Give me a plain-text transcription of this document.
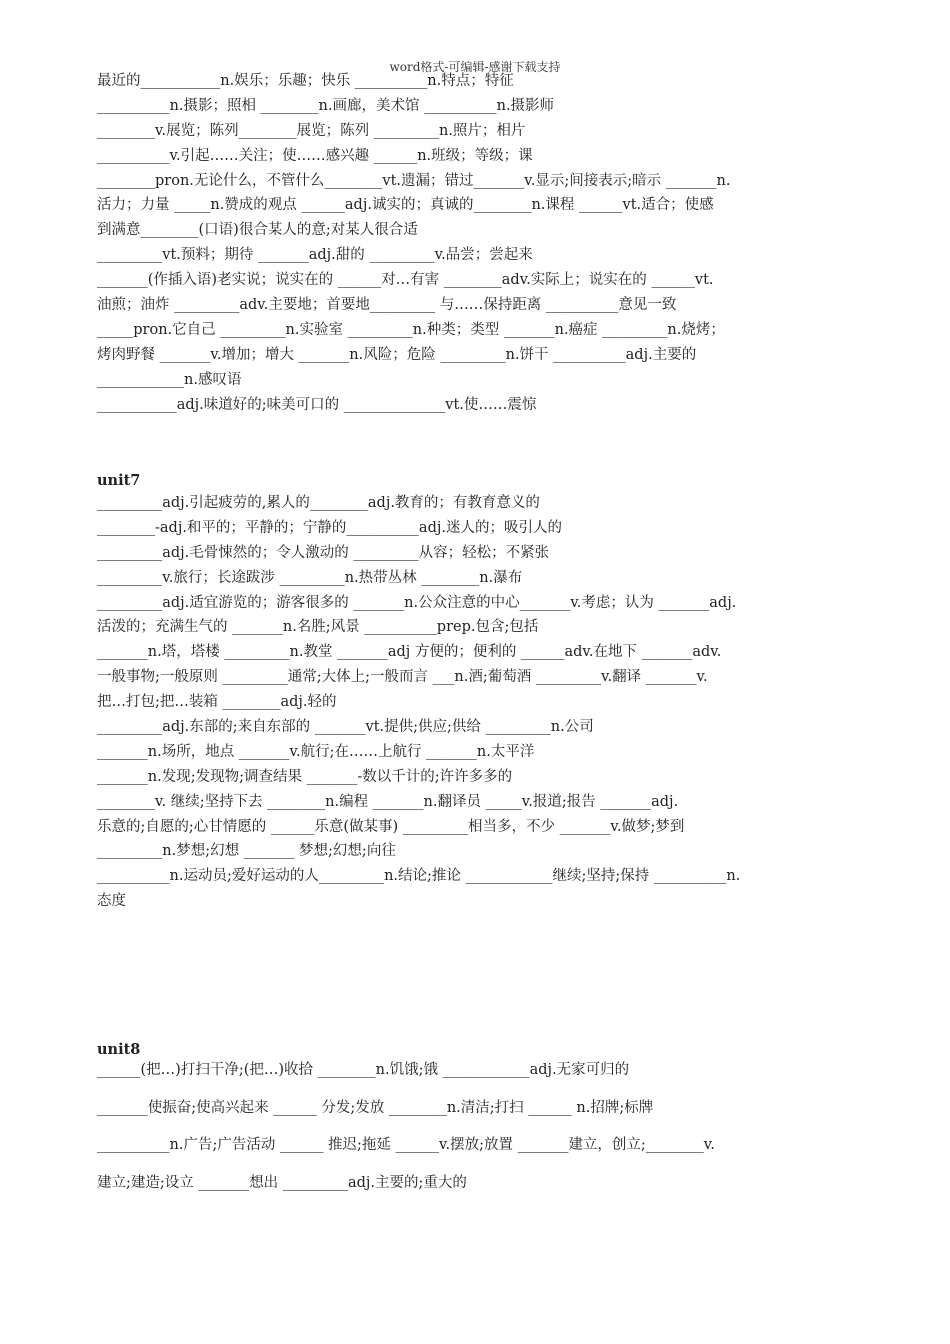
word格式-可编辑-感谢下载支持
最近的___________n.娱乐；乐趣；快乐 __________n.特点；特征
__________n.摄影；照相 ________n.画廊，美术馆 __________n.摄影师
________v.展览；陈列________展览；陈列 _________n.照片；相片
__________v.引起……关注；使……感兴趣 ______n.班级；等级；课
________pron.无论什么，不管什么________vt.遗漏；错过_______v.显示;间接表示;暗示 _______n.
活力；力量 _____n.赞成的观点 ______adj.诚实的；真诚的________n.课程 ______vt.适合；使感
到满意________(口语)很合某人的意;对某人很合适
_________vt.预料；期待 _______adj.甜的 _________v.品尝；尝起来
_______(作插入语)老实说；说实在的 ______对…有害 ________adv.实际上；说实在的 ______vt.
油煎；油炸 _________adv.主要地；首要地_________ 与……保持距离 __________意见一致
_____pron.它自己 _________n.实验室 _________n.种类；类型 _______n.癌症 _________n.烧烤；
烤肉野餐 _______v.增加；增大 _______n.风险；危险 _________n.饼干 __________adj.主要的
____________n.感叹语
___________adj.味道好的;味美可口的 ______________vt.使……震惊
unit7
_________adj.引起疲劳的,累人的________adj.教育的；有教育意义的
________-adj.和平的；平静的；宁静的__________adj.迷人的；吸引人的
_________adj.毛骨悚然的；令人激动的 _________从容；轻松；不紧张
_________v.旅行；长途跋涉 _________n.热带丛林 ________n.瀑布
_________adj.适宜游览的；游客很多的 _______n.公众注意的中心_______v.考虑；认为 _______adj.
活泼的；充满生气的 _______n.名胜;风景 __________prep.包含;包括
_______n.塔，塔楼 _________n.教堂 _______adj 方便的；便利的 ______adv.在地下 _______adv.
一般事物;一般原则 _________通常;大体上;一般而言 ___n.酒;葡萄酒 _________v.翻译 _______v.
把…打包;把…装箱 ________adj.轻的
_________adj.东部的;来自东部的 _______vt.提供;供应;供给 _________n.公司
_______n.场所，地点 _______v.航行;在……上航行 _______n.太平洋
_______n.发现;发现物;调查结果 _______-数以千计的;许许多多的
________v. 继续;坚持下去 ________n.编程 _______n.翻译员 _____v.报道;报告 _______adj.
乐意的;自愿的;心甘情愿的 ______乐意(做某事) _________相当多，不少 _______v.做梦;梦到
_________n.梦想;幻想 _______ 梦想;幻想;向往
__________n.运动员;爱好运动的人_________n.结论;推论 ____________继续;坚持;保持 __________n.
态度
unit8
______(把…)打扫干净;(把…)收拾 ________n.饥饿;饿 ____________adj.无家可归的
_______使振奋;使高兴起来 ______ 分发;发放 ________n.清洁;打扫 ______ n.招牌;标牌
__________n.广告;广告活动 ______ 推迟;拖延 ______v.摆放;放置 _______建立，创立;________v.
建立;建造;设立 _______想出 _________adj.主要的;重大的
